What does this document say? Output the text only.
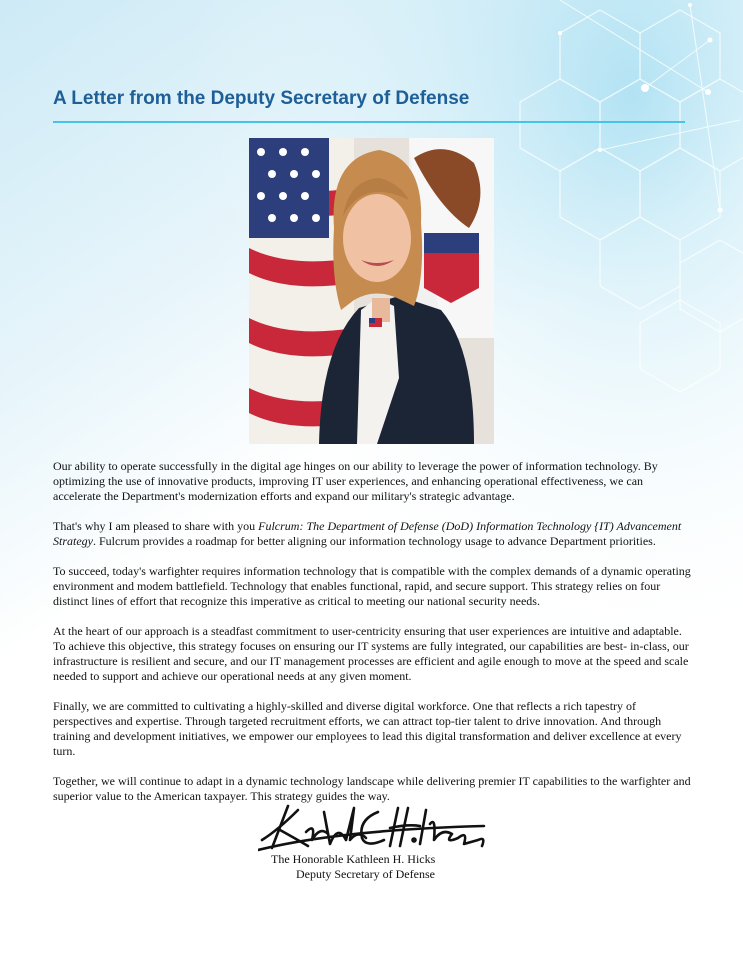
A Letter from the Deputy Secretary of Defense

Our ability to operate successfully in the digital age hinges on our ability to leverage the power of information technology. By optimizing the use of innovative products, improving IT user experiences, and enhancing operational effectiveness, we can accelerate the Department's modernization efforts and expand our military's strategic advantage.

That's why I am pleased to share with you Fulcrum: The Department of Defense (DoD) Information Technology {IT) Advancement Strategy. Fulcrum provides a roadmap for better aligning our information technology usage to advance Department priorities.

To succeed, today's warfighter requires information technology that is compatible with the complex demands of a dynamic operating environment and modem battlefield. Technology that enables functional, rapid, and secure support. This strategy relies on four distinct lines of effort that recognize this imperative as critical to meeting our national security needs.

At the heart of our approach is a steadfast commitment to user-centricity ensuring that user experiences are intuitive and adaptable. To achieve this objective, this strategy focuses on ensuring our IT systems are fully integrated, our capabilities are best- in-class, our infrastructure is resilient and secure, and our IT management processes are efficient and agile enough to move at the speed and scale needed to support and achieve our operational needs at any given moment.

Finally, we are committed to cultivating a highly-skilled and diverse digital workforce. One that reflects a rich tapestry of perspectives and expertise. Through targeted recruitment efforts, we can attract top-tier talent to drive innovation. And through training and development initiatives, we empower our employees to lead this digital transformation and deliver excellence at every turn.

Together, we will continue to adapt in a dynamic technology landscape while delivering premier IT capabilities to the warfighter and superior value to the American taxpayer. This strategy guides the way.

The Honorable Kathleen H. Hicks
Deputy Secretary of Defense
